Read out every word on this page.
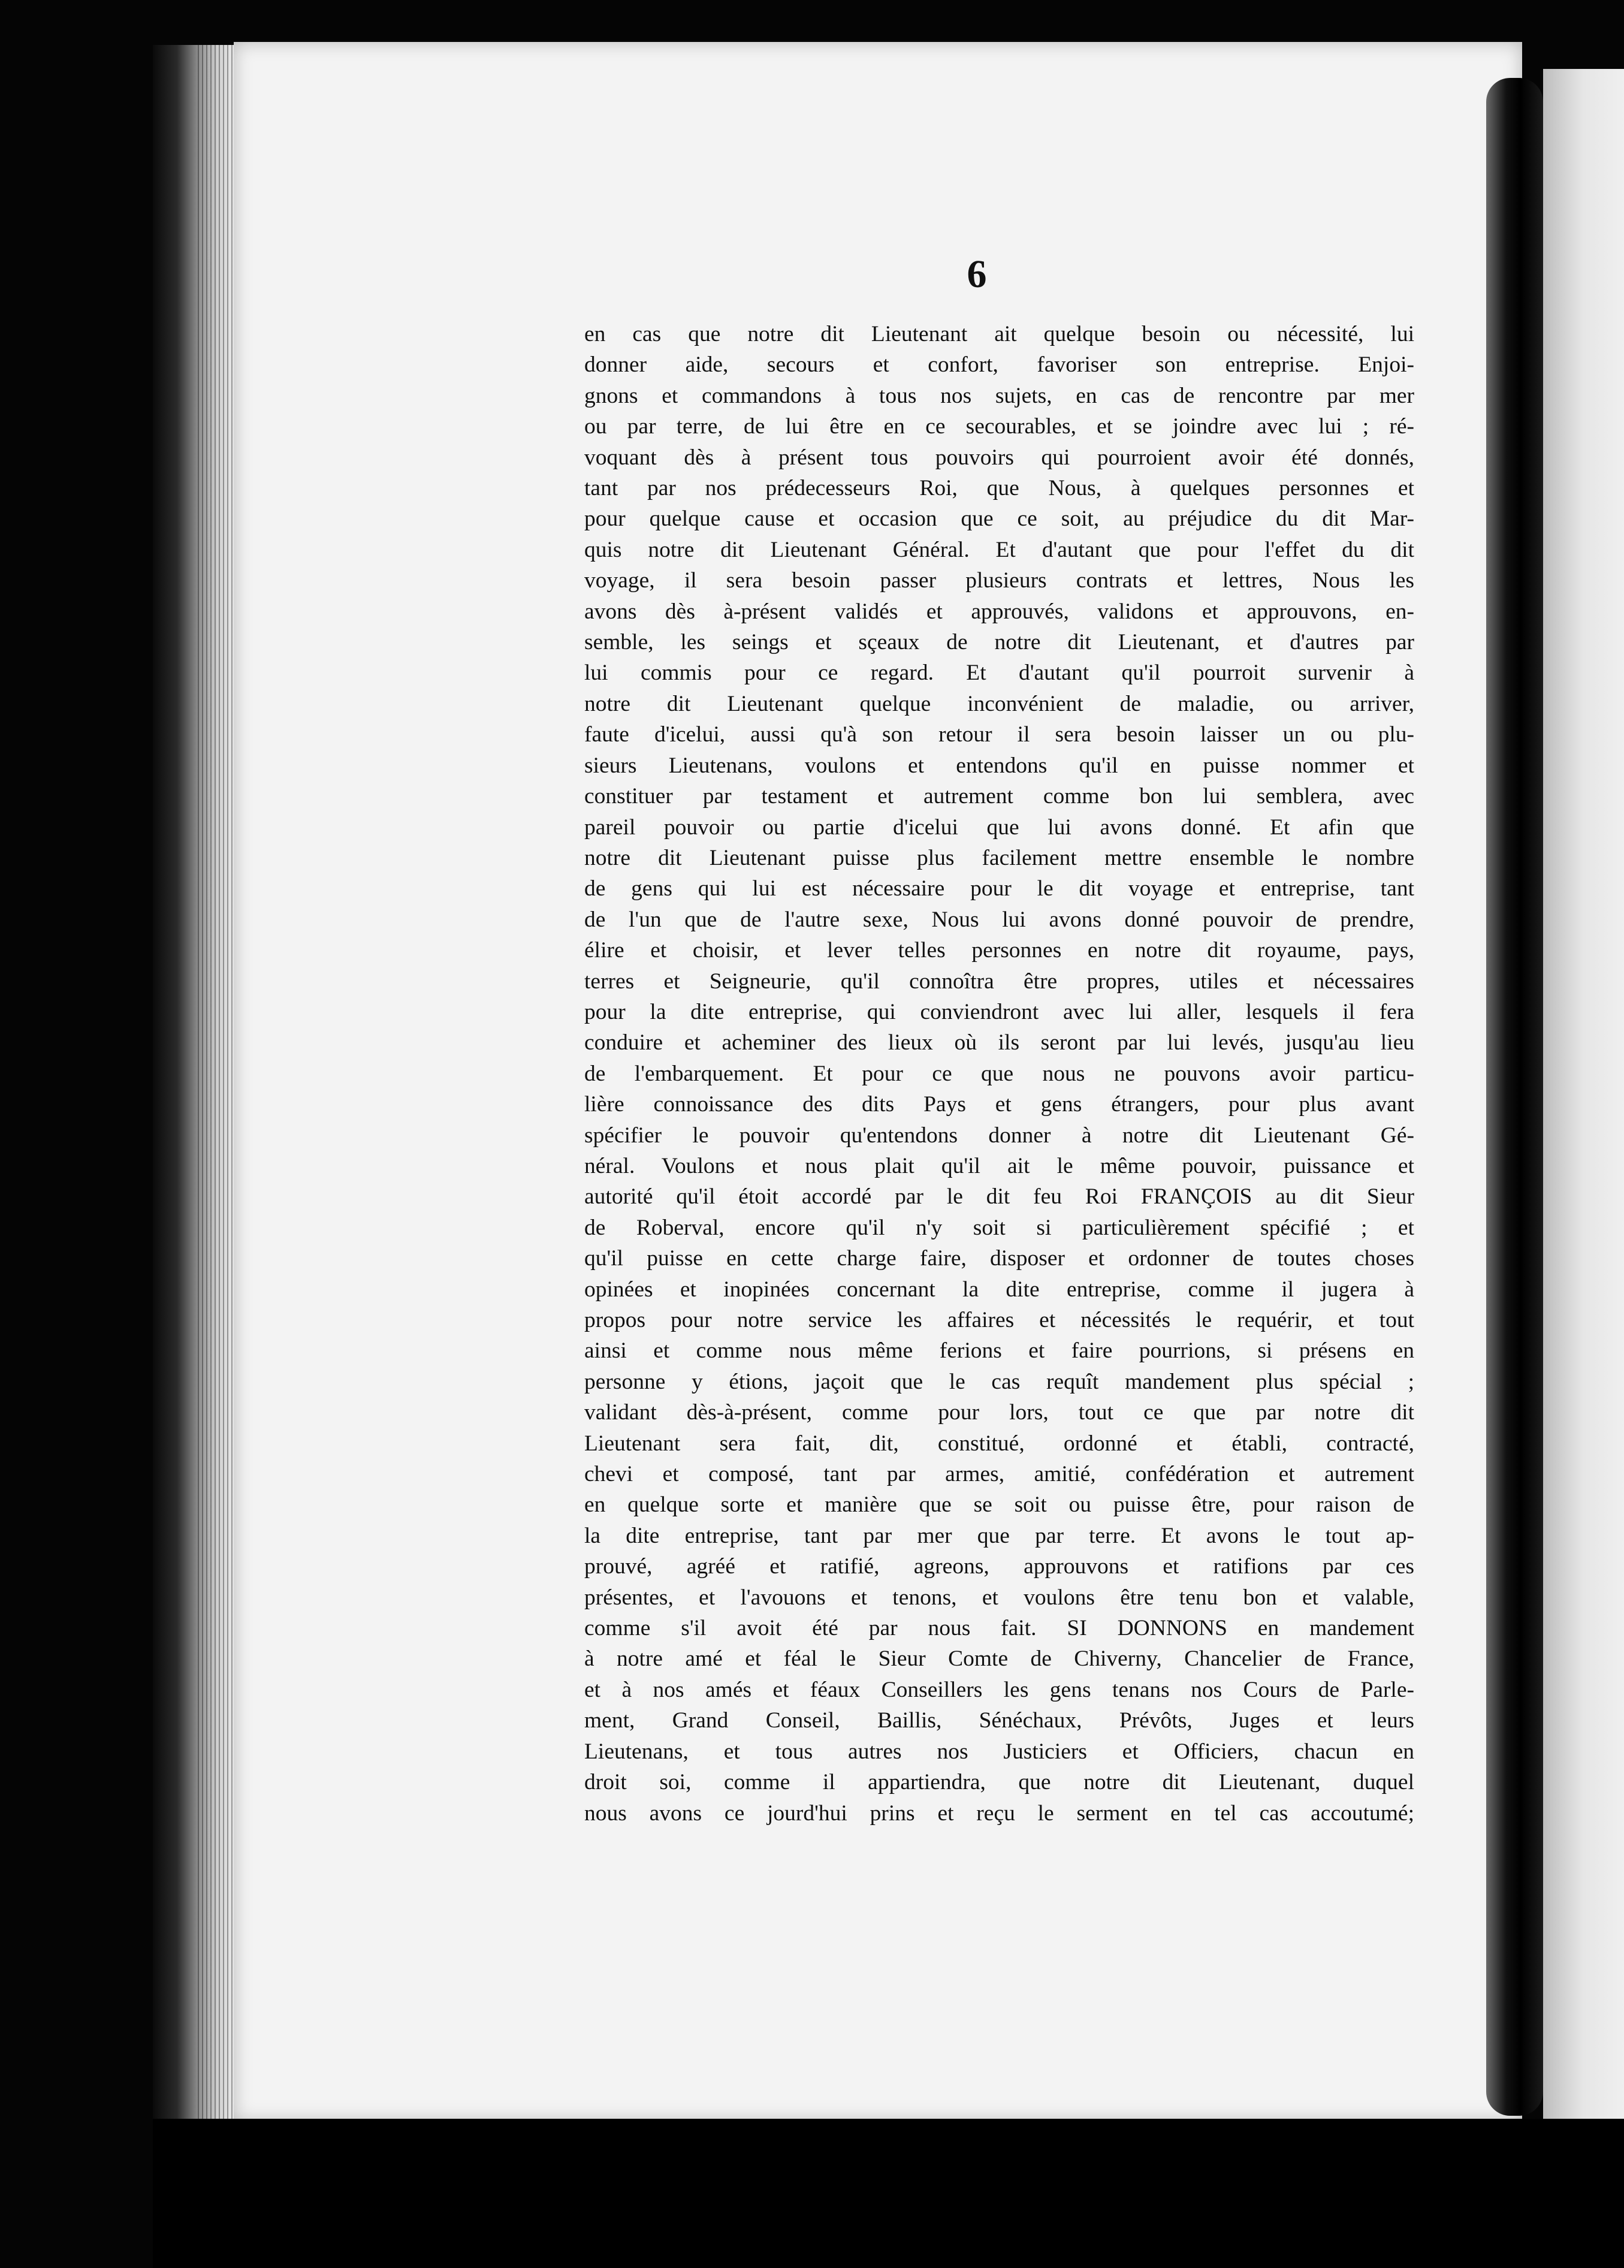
6
en cas que notre dit Lieutenant ait quelque besoin ou nécessité, lui
donner aide, secours et confort, favoriser son entreprise. Enjoi-
gnons et commandons à tous nos sujets, en cas de rencontre par mer
ou par terre, de lui être en ce secourables, et se joindre avec lui ; ré-
voquant dès à présent tous pouvoirs qui pourroient avoir été donnés,
tant par nos prédecesseurs Roi, que Nous, à quelques personnes et
pour quelque cause et occasion que ce soit, au préjudice du dit Mar-
quis notre dit Lieutenant Général. Et d'autant que pour l'effet du dit
voyage, il sera besoin passer plusieurs contrats et lettres, Nous les
avons dès à-présent validés et approuvés, validons et approuvons, en-
semble, les seings et sçeaux de notre dit Lieutenant, et d'autres par
lui commis pour ce regard. Et d'autant qu'il pourroit survenir à
notre dit Lieutenant quelque inconvénient de maladie, ou arriver,
faute d'icelui, aussi qu'à son retour il sera besoin laisser un ou plu-
sieurs Lieutenans, voulons et entendons qu'il en puisse nommer et
constituer par testament et autrement comme bon lui semblera, avec
pareil pouvoir ou partie d'icelui que lui avons donné. Et afin que
notre dit Lieutenant puisse plus facilement mettre ensemble le nombre
de gens qui lui est nécessaire pour le dit voyage et entreprise, tant
de l'un que de l'autre sexe, Nous lui avons donné pouvoir de prendre,
élire et choisir, et lever telles personnes en notre dit royaume, pays,
terres et Seigneurie, qu'il connoîtra être propres, utiles et nécessaires
pour la dite entreprise, qui conviendront avec lui aller, lesquels il fera
conduire et acheminer des lieux où ils seront par lui levés, jusqu'au lieu
de l'embarquement. Et pour ce que nous ne pouvons avoir particu-
lière connoissance des dits Pays et gens étrangers, pour plus avant
spécifier le pouvoir qu'entendons donner à notre dit Lieutenant Gé-
néral. Voulons et nous plait qu'il ait le même pouvoir, puissance et
autorité qu'il étoit accordé par le dit feu Roi FRANÇOIS au dit Sieur
de Roberval, encore qu'il n'y soit si particulièrement spécifié ; et
qu'il puisse en cette charge faire, disposer et ordonner de toutes choses
opinées et inopinées concernant la dite entreprise, comme il jugera à
propos pour notre service les affaires et nécessités le requérir, et tout
ainsi et comme nous même ferions et faire pourrions, si présens en
personne y étions, jaçoit que le cas requît mandement plus spécial ;
validant dès-à-présent, comme pour lors, tout ce que par notre dit
Lieutenant sera fait, dit, constitué, ordonné et établi, contracté,
chevi et composé, tant par armes, amitié, confédération et autrement
en quelque sorte et manière que se soit ou puisse être, pour raison de
la dite entreprise, tant par mer que par terre. Et avons le tout ap-
prouvé, agréé et ratifié, agreons, approuvons et ratifions par ces
présentes, et l'avouons et tenons, et voulons être tenu bon et valable,
comme s'il avoit été par nous fait. SI DONNONS en mandement
à notre amé et féal le Sieur Comte de Chiverny, Chancelier de France,
et à nos amés et féaux Conseillers les gens tenans nos Cours de Parle-
ment, Grand Conseil, Baillis, Sénéchaux, Prévôts, Juges et leurs
Lieutenans, et tous autres nos Justiciers et Officiers, chacun en
droit soi, comme il appartiendra, que notre dit Lieutenant, duquel
nous avons ce jourd'hui prins et reçu le serment en tel cas accoutumé;
